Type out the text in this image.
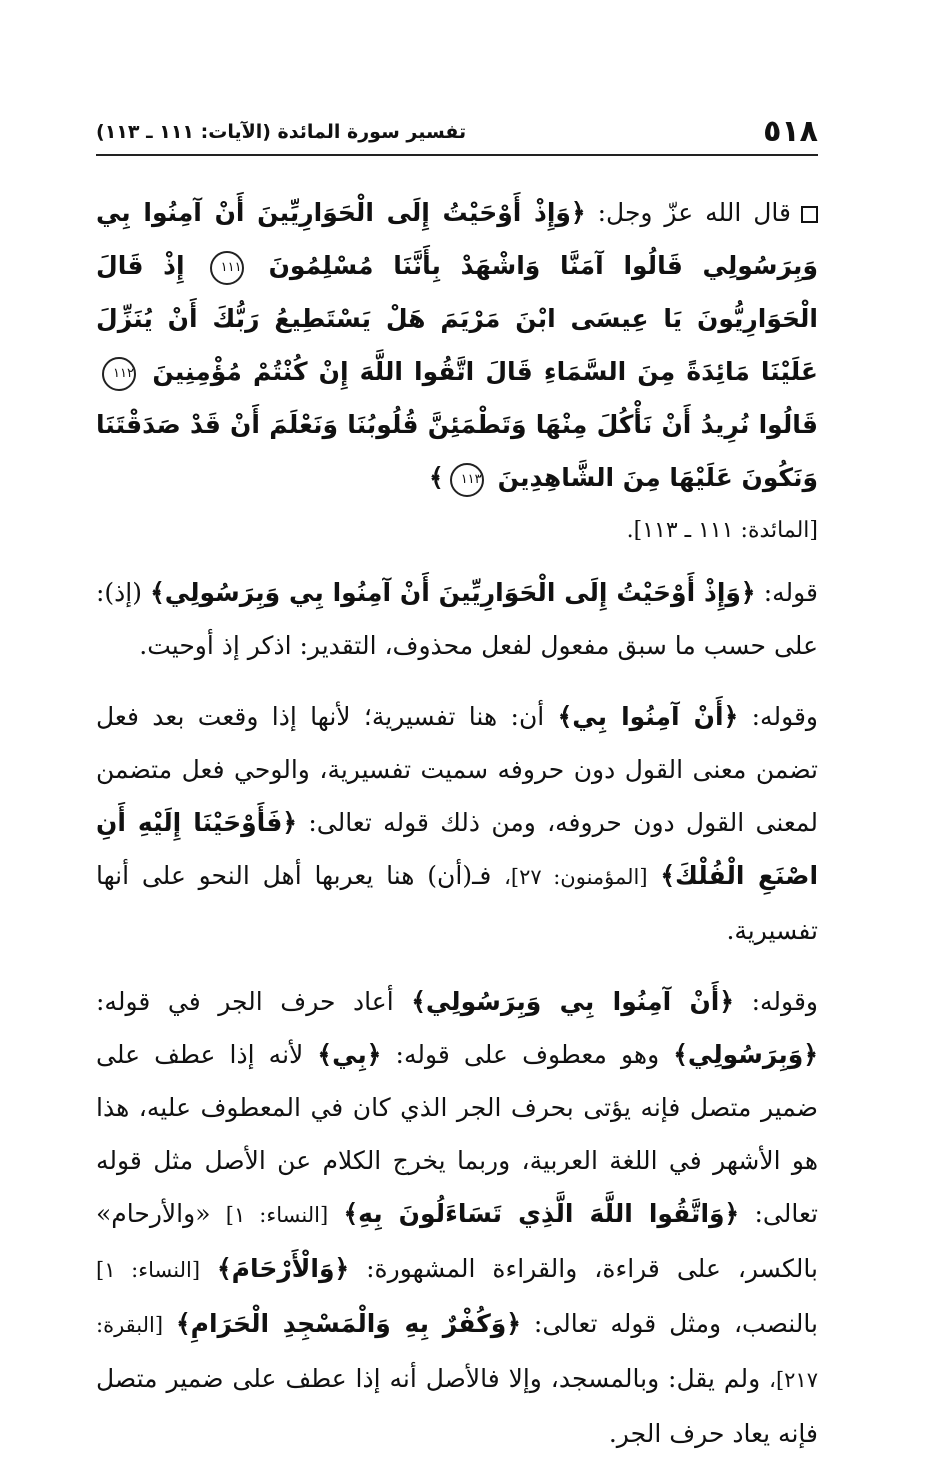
٥١٨
تفسير سورة المائدة (الآيات: ١١١ ـ ١١٣)

قال الله عزّ وجل: ﴿وَإِذْ أَوْحَيْتُ إِلَى الْحَوَارِيِّينَ أَنْ آمِنُوا بِي وَبِرَسُولِي قَالُوا آمَنَّا وَاشْهَدْ بِأَنَّنَا مُسْلِمُونَ ١١١ إِذْ قَالَ الْحَوَارِيُّونَ يَا عِيسَى ابْنَ مَرْيَمَ هَلْ يَسْتَطِيعُ رَبُّكَ أَنْ يُنَزِّلَ عَلَيْنَا مَائِدَةً مِنَ السَّمَاءِ قَالَ اتَّقُوا اللَّهَ إِنْ كُنْتُمْ مُؤْمِنِينَ ١١٢ قَالُوا نُرِيدُ أَنْ نَأْكُلَ مِنْهَا وَتَطْمَئِنَّ قُلُوبُنَا وَنَعْلَمَ أَنْ قَدْ صَدَقْتَنَا وَنَكُونَ عَلَيْهَا مِنَ الشَّاهِدِينَ ١١٣﴾

[المائدة: ١١١ ـ ١١٣].

قوله: ﴿وَإِذْ أَوْحَيْتُ إِلَى الْحَوَارِيِّينَ أَنْ آمِنُوا بِي وَبِرَسُولِي﴾ (إذ): على حسب ما سبق مفعول لفعل محذوف، التقدير: اذكر إذ أوحيت.

وقوله: ﴿أَنْ آمِنُوا بِي﴾ أن: هنا تفسيرية؛ لأنها إذا وقعت بعد فعل تضمن معنى القول دون حروفه سميت تفسيرية، والوحي فعل متضمن لمعنى القول دون حروفه، ومن ذلك قوله تعالى: ﴿فَأَوْحَيْنَا إِلَيْهِ أَنِ اصْنَعِ الْفُلْكَ﴾ [المؤمنون: ٢٧]، فـ(أن) هنا يعربها أهل النحو على أنها تفسيرية.

وقوله: ﴿أَنْ آمِنُوا بِي وَبِرَسُولِي﴾ أعاد حرف الجر في قوله: ﴿وَبِرَسُولِي﴾ وهو معطوف على قوله: ﴿بِي﴾ لأنه إذا عطف على ضمير متصل فإنه يؤتى بحرف الجر الذي كان في المعطوف عليه، هذا هو الأشهر في اللغة العربية، وربما يخرج الكلام عن الأصل مثل قوله تعالى: ﴿وَاتَّقُوا اللَّهَ الَّذِي تَسَاءَلُونَ بِهِ﴾ [النساء: ١] «والأرحام» بالكسر، على قراءة، والقراءة المشهورة: ﴿وَالْأَرْحَامَ﴾ [النساء: ١] بالنصب، ومثل قوله تعالى: ﴿وَكُفْرٌ بِهِ وَالْمَسْجِدِ الْحَرَامِ﴾ [البقرة: ٢١٧]، ولم يقل: وبالمسجد، وإلا فالأصل أنه إذا عطف على ضمير متصل فإنه يعاد حرف الجر.
